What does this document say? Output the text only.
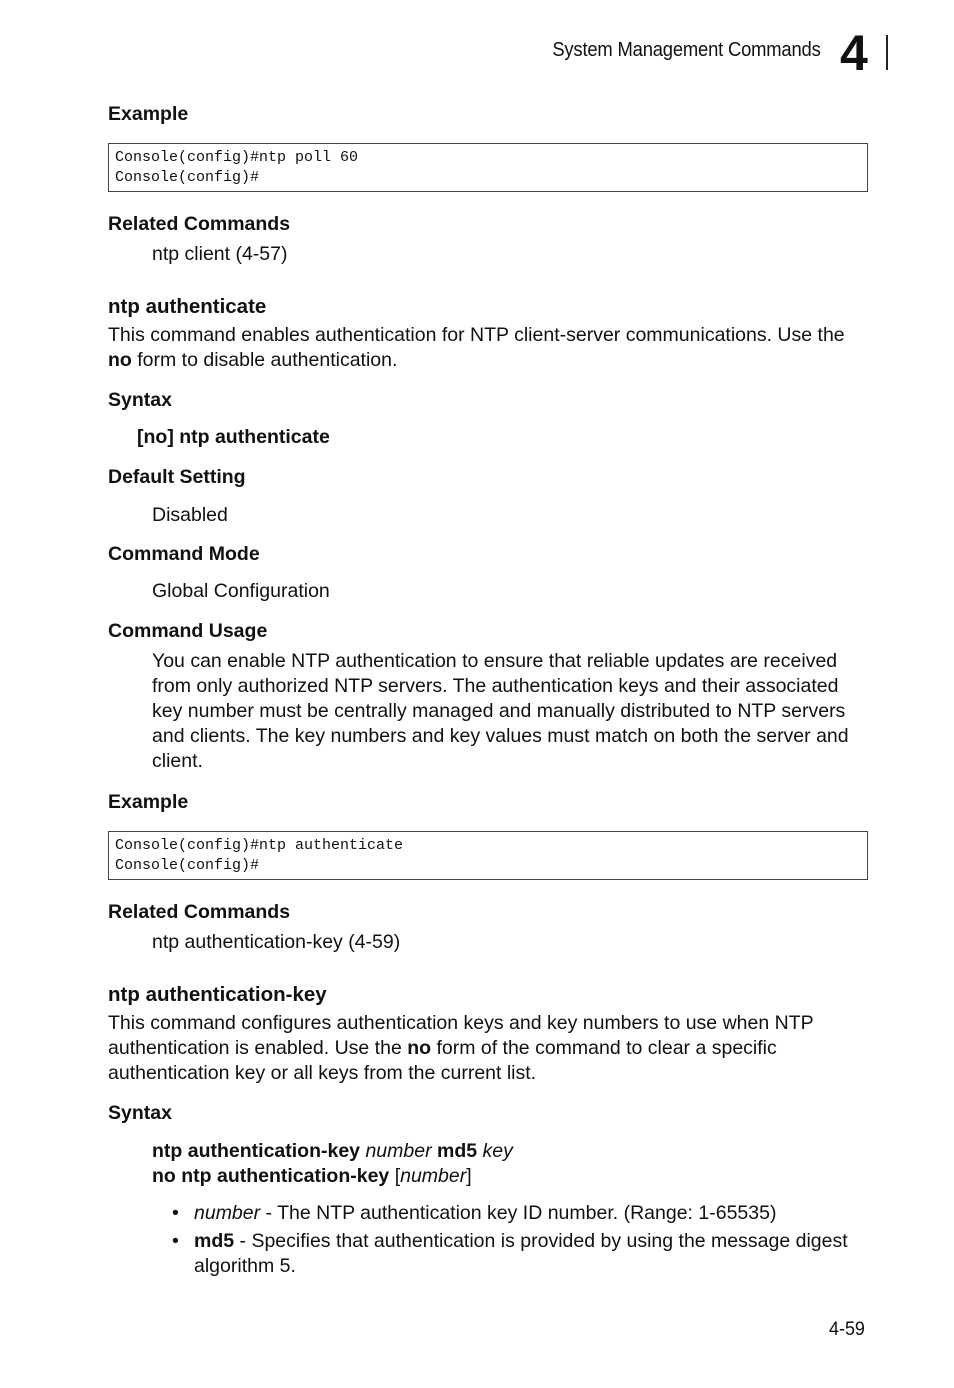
System Management Commands 4
Example
Console(config)#ntp poll 60
Console(config)#
Related Commands
ntp client (4-57)
ntp authenticate
This command enables authentication for NTP client-server communications. Use the no form to disable authentication.
Syntax
[no] ntp authenticate
Default Setting
Disabled
Command Mode
Global Configuration
Command Usage
You can enable NTP authentication to ensure that reliable updates are received from only authorized NTP servers. The authentication keys and their associated key number must be centrally managed and manually distributed to NTP servers and clients. The key numbers and key values must match on both the server and client.
Example
Console(config)#ntp authenticate
Console(config)#
Related Commands
ntp authentication-key (4-59)
ntp authentication-key
This command configures authentication keys and key numbers to use when NTP authentication is enabled. Use the no form of the command to clear a specific authentication key or all keys from the current list.
Syntax
ntp authentication-key number md5 key
no ntp authentication-key [number]
• number - The NTP authentication key ID number. (Range: 1-65535)
• md5 - Specifies that authentication is provided by using the message digest algorithm 5.
4-59
